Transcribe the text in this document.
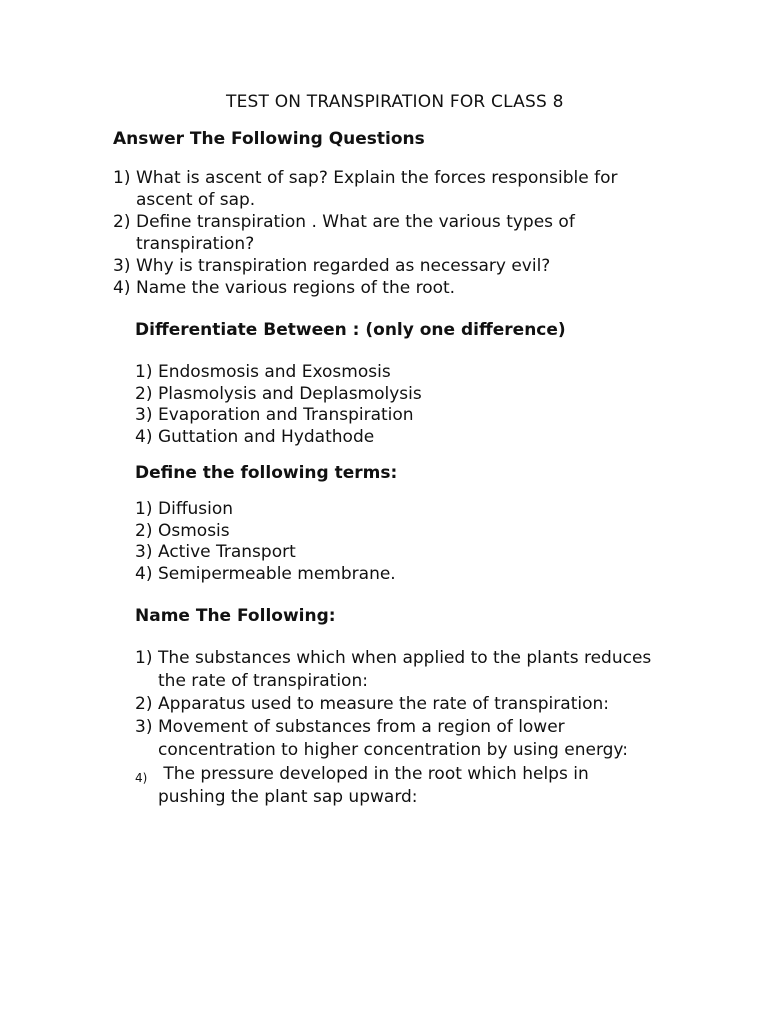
TEST ON TRANSPIRATION FOR CLASS 8
Answer The Following Questions
1) What is ascent of sap? Explain the forces responsible for
ascent of sap.
2) Define transpiration . What are the various types of
transpiration?
3) Why is transpiration regarded as necessary evil?
4) Name the various regions of the root.
Differentiate Between : (only one difference)
1) Endosmosis and Exosmosis
2) Plasmolysis and Deplasmolysis
3) Evaporation and Transpiration
4) Guttation and Hydathode
Define the following terms:
1) Diffusion
2) Osmosis
3) Active Transport
4) Semipermeable membrane.
Name The Following:
1) The substances which when applied to the plants reduces
the rate of transpiration:
2) Apparatus used to measure the rate of transpiration:
3) Movement of substances from a region of lower
concentration to higher concentration by using energy:
4) The pressure developed in the root which helps in
pushing the plant sap upward:
